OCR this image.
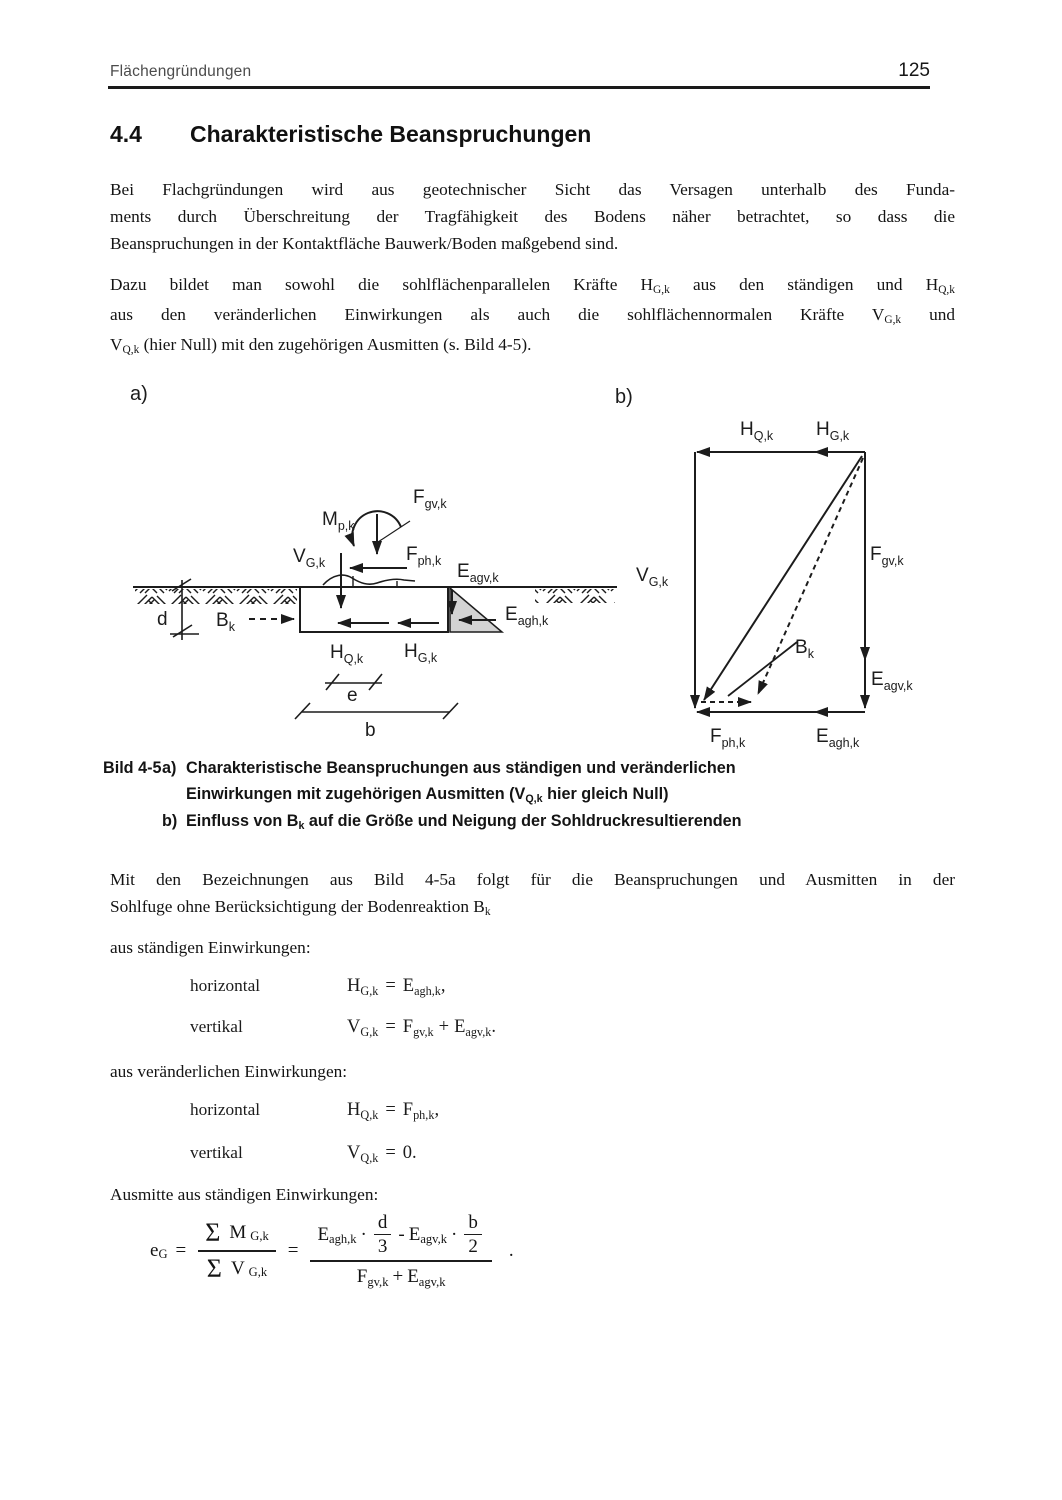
Flächengründungen	125
4.4	Charakteristische Beanspruchungen
Bei Flachgründungen wird aus geotechnischer Sicht das Versagen unterhalb des Funda-
ments durch Überschreitung der Tragfähigkeit des Bodens näher betrachtet, so dass die
Beanspruchungen in der Kontaktfläche Bauwerk/Boden maßgebend sind.
Dazu bildet man sowohl die sohlflächenparallelen Kräfte HG,k aus den ständigen und HQ,k
aus den veränderlichen Einwirkungen als auch die sohlflächennormalen Kräfte VG,k und
VQ,k (hier Null) mit den zugehörigen Ausmitten (s. Bild 4-5).
a)	b)
$M_{p,k}$
$F_{gv,k}$
$V_{G,k}$	$F_{ph,k}$ $E_{agv,k}$
$E_{agh,k}$
$B_k$
$H_{Q,k}$ $H_{G,k}$
d
e
b
$H_{Q,k}$ $H_{G,k}$
$V_{G,k}$
$F_{gv,k}$
$E_{agv,k}$
$F_{ph,k}$	$E_{agh,k}$
$B_k$
Bild 4-5 a) Charakteristische Beanspruchungen aus ständigen und veränderlichen
Einwirkungen mit zugehörigen Ausmitten (VQ,k hier gleich Null)
b) Einfluss von Bk auf die Größe und Neigung der Sohldruckresultierenden
Mit den Bezeichnungen aus Bild 4-5a folgt für die Beanspruchungen und Ausmitten in der
Sohlfuge ohne Berücksichtigung der Bodenreaktion Bk
aus ständigen Einwirkungen:
horizontal	HG,k = Eagh,k,
vertikal	VG,k = Fgv,k + Eagv,k.
aus veränderlichen Einwirkungen:
horizontal	HQ,k = Fph,k,
vertikal	VQ,k = 0.
Ausmitte aus ständigen Einwirkungen:
e $G = \frac{\text{Σ M G,k}}{\text{Σ V G,k}}$ =
Eagh,k ·
d
3
- Eagv,k ·
b
2
Fgv,k + Eagv,k
.
